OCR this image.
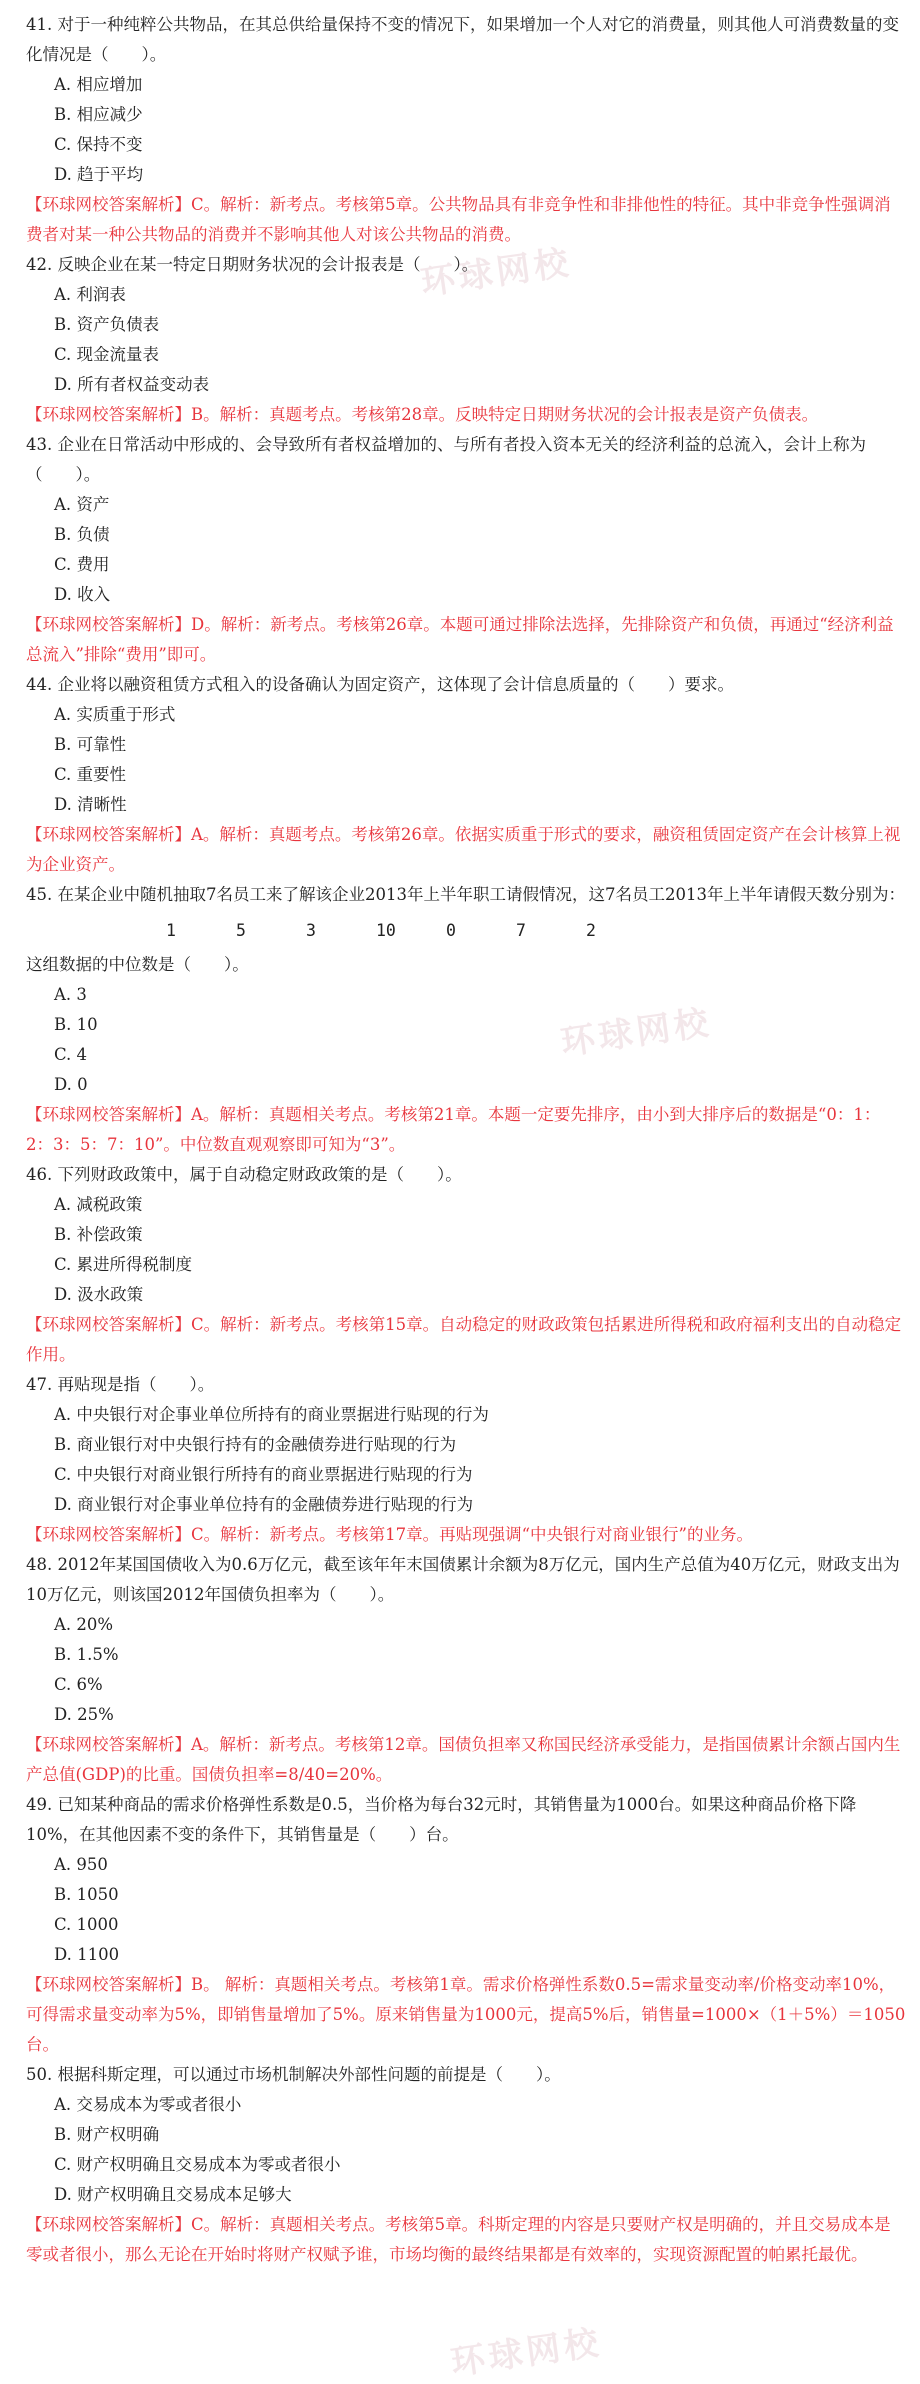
环球网校
环球网校
环球网校

41. 对于一种纯粹公共物品，在其总供给量保持不变的情况下，如果增加一个人对它的消费量，则其他人可消费数量的变化情况是（　　）。

A. 相应增加

B. 相应减少

C. 保持不变

D. 趋于平均

【环球网校答案解析】C。解析：新考点。考核第5章。公共物品具有非竞争性和非排他性的特征。其中非竞争性强调消费者对某一种公共物品的消费并不影响其他人对该公共物品的消费。

42. 反映企业在某一特定日期财务状况的会计报表是（　　）。

A. 利润表

B. 资产负债表

C. 现金流量表

D. 所有者权益变动表

【环球网校答案解析】B。解析：真题考点。考核第28章。反映特定日期财务状况的会计报表是资产负债表。

43. 企业在日常活动中形成的、会导致所有者权益增加的、与所有者投入资本无关的经济利益的总流入，会计上称为（　　）。

A. 资产

B. 负债

C. 费用

D. 收入

【环球网校答案解析】D。解析：新考点。考核第26章。本题可通过排除法选择，先排除资产和负债，再通过“经济利益总流入”排除“费用”即可。

44. 企业将以融资租赁方式租入的设备确认为固定资产，这体现了会计信息质量的（　　）要求。

A. 实质重于形式

B. 可靠性

C. 重要性

D. 清晰性

【环球网校答案解析】A。解析：真题考点。考核第26章。依据实质重于形式的要求，融资租赁固定资产在会计核算上视为企业资产。

45. 在某企业中随机抽取7名员工来了解该企业2013年上半年职工请假情况，这7名员工2013年上半年请假天数分别为：

1	5	3	10	0	7	2

这组数据的中位数是（　　）。

A. 3

B. 10

C. 4

D. 0

【环球网校答案解析】A。解析：真题相关考点。考核第21章。本题一定要先排序，由小到大排序后的数据是“0：1：2：3：5：7：10”。中位数直观观察即可知为“3”。

46. 下列财政政策中，属于自动稳定财政政策的是（　　）。

A. 减税政策

B. 补偿政策

C. 累进所得税制度

D. 汲水政策

【环球网校答案解析】C。解析：新考点。考核第15章。自动稳定的财政政策包括累进所得税和政府福利支出的自动稳定作用。

47. 再贴现是指（　　）。

A. 中央银行对企事业单位所持有的商业票据进行贴现的行为

B. 商业银行对中央银行持有的金融债券进行贴现的行为

C. 中央银行对商业银行所持有的商业票据进行贴现的行为

D. 商业银行对企事业单位持有的金融债券进行贴现的行为

【环球网校答案解析】C。解析：新考点。考核第17章。再贴现强调“中央银行对商业银行”的业务。

48. 2012年某国国债收入为0.6万亿元，截至该年年末国债累计余额为8万亿元，国内生产总值为40万亿元，财政支出为10万亿元，则该国2012年国债负担率为（　　）。

A. 20%

B. 1.5%

C. 6%

D. 25%

【环球网校答案解析】A。解析：新考点。考核第12章。国债负担率又称国民经济承受能力，是指国债累计余额占国内生产总值(GDP)的比重。国债负担率=8/40=20%。

49. 已知某种商品的需求价格弹性系数是0.5，当价格为每台32元时，其销售量为1000台。如果这种商品价格下降10%，在其他因素不变的条件下，其销售量是（　　）台。

A. 950

B. 1050

C. 1000

D. 1100

【环球网校答案解析】B。 解析：真题相关考点。考核第1章。需求价格弹性系数0.5=需求量变动率/价格变动率10%，可得需求量变动率为5%，即销售量增加了5%。原来销售量为1000元，提高5%后，销售量=1000×（1＋5%）＝1050台。

50. 根据科斯定理，可以通过市场机制解决外部性问题的前提是（　　）。

A. 交易成本为零或者很小

B. 财产权明确

C. 财产权明确且交易成本为零或者很小

D. 财产权明确且交易成本足够大

【环球网校答案解析】C。解析：真题相关考点。考核第5章。科斯定理的内容是只要财产权是明确的，并且交易成本是零或者很小，那么无论在开始时将财产权赋予谁，市场均衡的最终结果都是有效率的，实现资源配置的帕累托最优。
